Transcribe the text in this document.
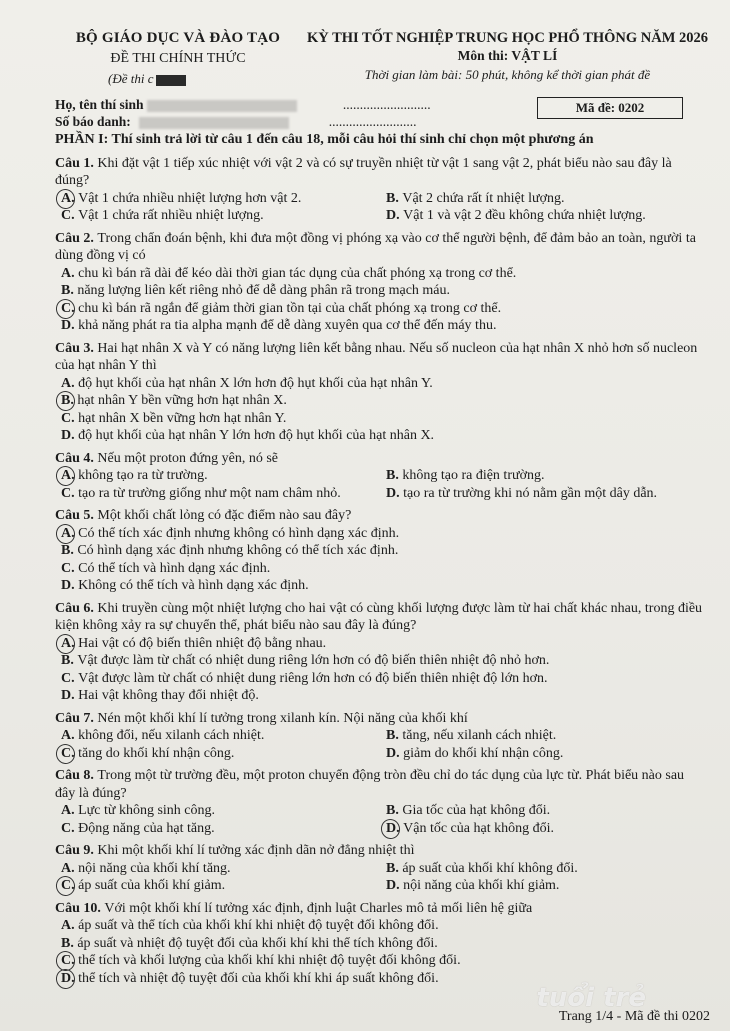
BỘ GIÁO DỤC VÀ ĐÀO TẠO
ĐỀ THI CHÍNH THỨC
(Đề thi c
KỲ THI TỐT NGHIỆP TRUNG HỌC PHỔ THÔNG NĂM 2026
Môn thi: VẬT LÍ
Thời gian làm bài: 50 phút, không kể thời gian phát đề
Họ, tên thí sinh	..........................
Số báo danh:	..........................
Mã đề: 0202
PHẦN I: Thí sinh trả lời từ câu 1 đến câu 18, mỗi câu hỏi thí sinh chỉ chọn một phương án
Câu 1. Khi đặt vật 1 tiếp xúc nhiệt với vật 2 và có sự truyền nhiệt từ vật 1 sang vật 2, phát biểu nào sau đây là đúng?
A. Vật 1 chứa nhiều nhiệt lượng hơn vật 2.	B. Vật 2 chứa rất ít nhiệt lượng.
C. Vật 1 chứa rất nhiều nhiệt lượng.	D. Vật 1 và vật 2 đều không chứa nhiệt lượng.
Câu 2. Trong chẩn đoán bệnh, khi đưa một đồng vị phóng xạ vào cơ thể người bệnh, để đảm bảo an toàn, người ta dùng đồng vị có
A. chu kì bán rã dài để kéo dài thời gian tác dụng của chất phóng xạ trong cơ thể.
B. năng lượng liên kết riêng nhỏ để dễ dàng phân rã trong mạch máu.
C. chu kì bán rã ngắn để giảm thời gian tồn tại của chất phóng xạ trong cơ thể.
D. khả năng phát ra tia alpha mạnh để dễ dàng xuyên qua cơ thể đến máy thu.
Câu 3. Hai hạt nhân X và Y có năng lượng liên kết bằng nhau. Nếu số nucleon của hạt nhân X nhỏ hơn số nucleon của hạt nhân Y thì
A. độ hụt khối của hạt nhân X lớn hơn độ hụt khối của hạt nhân Y.
B. hạt nhân Y bền vững hơn hạt nhân X.
C. hạt nhân X bền vững hơn hạt nhân Y.
D. độ hụt khối của hạt nhân Y lớn hơn độ hụt khối của hạt nhân X.
Câu 4. Nếu một proton đứng yên, nó sẽ
A. không tạo ra từ trường.	B. không tạo ra điện trường.
C. tạo ra từ trường giống như một nam châm nhỏ.	D. tạo ra từ trường khi nó nằm gần một dây dẫn.
Câu 5. Một khối chất lỏng có đặc điểm nào sau đây?
A. Có thể tích xác định nhưng không có hình dạng xác định.
B. Có hình dạng xác định nhưng không có thể tích xác định.
C. Có thể tích và hình dạng xác định.
D. Không có thể tích và hình dạng xác định.
Câu 6. Khi truyền cùng một nhiệt lượng cho hai vật có cùng khối lượng được làm từ hai chất khác nhau, trong điều kiện không xảy ra sự chuyển thể, phát biểu nào sau đây là đúng?
A. Hai vật có độ biến thiên nhiệt độ bằng nhau.
B. Vật được làm từ chất có nhiệt dung riêng lớn hơn có độ biến thiên nhiệt độ nhỏ hơn.
C. Vật được làm từ chất có nhiệt dung riêng lớn hơn có độ biến thiên nhiệt độ lớn hơn.
D. Hai vật không thay đổi nhiệt độ.
Câu 7. Nén một khối khí lí tưởng trong xilanh kín. Nội năng của khối khí
A. không đổi, nếu xilanh cách nhiệt.	B. tăng, nếu xilanh cách nhiệt.
C. tăng do khối khí nhận công.	D. giảm do khối khí nhận công.
Câu 8. Trong một từ trường đều, một proton chuyển động tròn đều chỉ do tác dụng của lực từ. Phát biểu nào sau đây là đúng?
A. Lực từ không sinh công.	B. Gia tốc của hạt không đổi.
C. Động năng của hạt tăng.	D. Vận tốc của hạt không đổi.
Câu 9. Khi một khối khí lí tưởng xác định dãn nở đẳng nhiệt thì
A. nội năng của khối khí tăng.	B. áp suất của khối khí không đổi.
C. áp suất của khối khí giảm.	D. nội năng của khối khí giảm.
Câu 10. Với một khối khí lí tưởng xác định, định luật Charles mô tả mối liên hệ giữa
A. áp suất và thể tích của khối khí khi nhiệt độ tuyệt đối không đổi.
B. áp suất và nhiệt độ tuyệt đối của khối khí khi thể tích không đổi.
C. thể tích và khối lượng của khối khí khi nhiệt độ tuyệt đối không đổi.
D. thể tích và nhiệt độ tuyệt đối của khối khí khi áp suất không đổi.
tuổi trẻ
Trang 1/4 - Mã đề thi 0202
